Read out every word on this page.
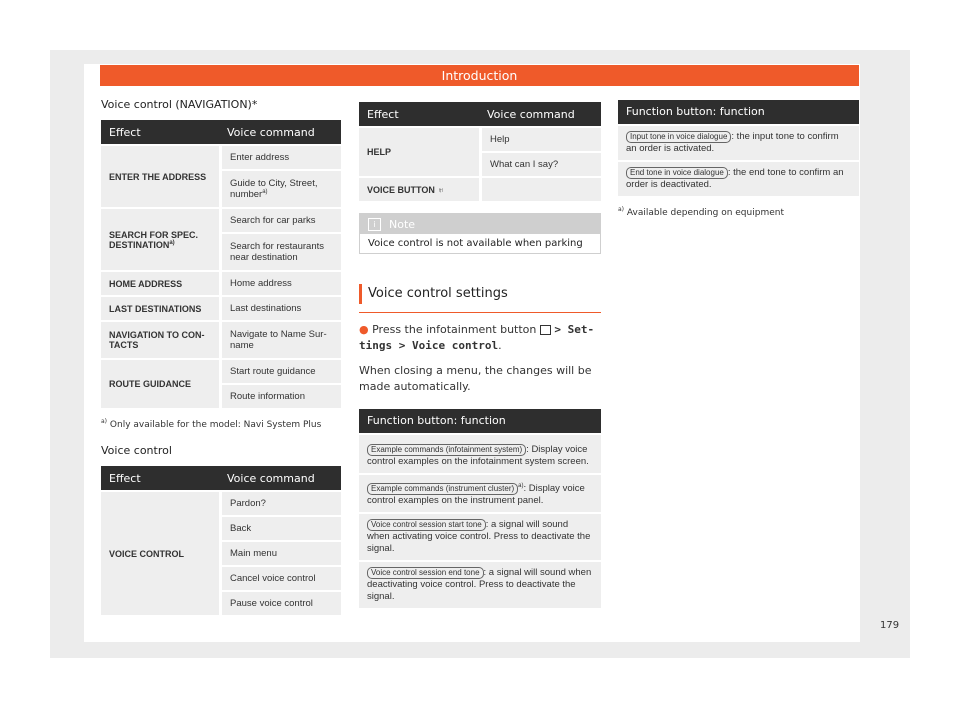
Introduction

Voice control (NAVIGATION)*

Effect	Voice command
ENTER THE ADDRESS	Enter address
	Guide to City, Street, number$^{a)}$
SEARCH FOR SPEC. DESTINATION$^{a)}$	Search for car parks
	Search for restaurants near destination
HOME ADDRESS	Home address
LAST DESTINATIONS	Last destinations
NAVIGATION TO CON-TACTS	Navigate to Name Sur-name
ROUTE GUIDANCE	Start route guidance
	Route information
$^{a)}$ Only available for the model: Navi System Plus

Voice control

Effect	Voice command
VOICE CONTROL	Pardon?
	Back
	Main menu
	Cancel voice control
	Pause voice control
Effect	Voice command
HELP	Help
	What can I say?
VOICE BUTTON ♅	
i	Note
Voice control is not available when parking
Voice control settings
● Press the infotainment button > Set-tings > Voice control.
When closing a menu, the changes will be made automatically.
Function button: function
Example commands (infotainment system) : Display voice control examples on the infotainment system screen.
Example commands (instrument cluster) $^{a)}$: Display voice control examples on the instrument panel.
Voice control session start tone : a signal will sound when activating voice control. Press to deactivate the signal.
Voice control session end tone : a signal will sound when deactivating voice control. Press to deactivate the signal.
Function button: function
Input tone in voice dialogue : the input tone to confirm an order is activated.
End tone in voice dialogue : the end tone to confirm an order is deactivated.
$^{a)}$ Available depending on equipment
179
